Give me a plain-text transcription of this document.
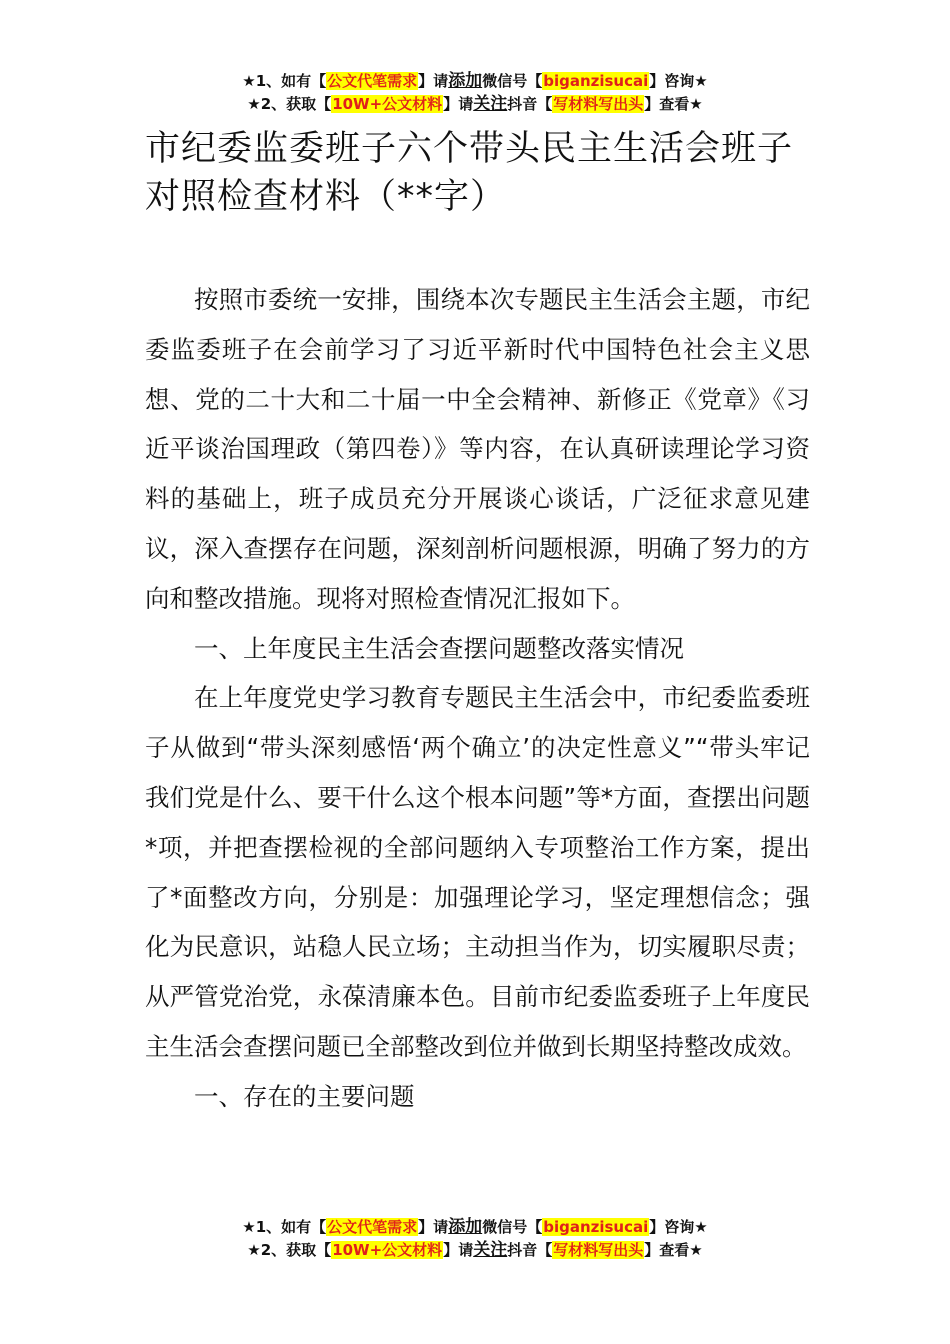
★1、如有【公文代笔需求】请添加微信号【biganzisucai】咨询★
★2、获取【10W+公文材料】请关注抖音【写材料写出头】查看★
市纪委监委班子六个带头民主生活会班子对照检查材料（**字）

按照市委统一安排，围绕本次专题民主生活会主题，市纪委监委班子在会前学习了习近平新时代中国特色社会主义思想、党的二十大和二十届一中全会精神、新修正《党章》《习近平谈治国理政（第四卷）》等内容，在认真研读理论学习资料的基础上，班子成员充分开展谈心谈话，广泛征求意见建议，深入查摆存在问题，深刻剖析问题根源，明确了努力的方向和整改措施。现将对照检查情况汇报如下。

一、上年度民主生活会查摆问题整改落实情况

在上年度党史学习教育专题民主生活会中，市纪委监委班子从做到“带头深刻感悟‘两个确立’的决定性意义”“带头牢记我们党是什么、要干什么这个根本问题”等*方面，查摆出问题*项，并把查摆检视的全部问题纳入专项整治工作方案，提出了*面整改方向，分别是：加强理论学习，坚定理想信念；强化为民意识，站稳人民立场；主动担当作为，切实履职尽责；从严管党治党，永葆清廉本色。目前市纪委监委班子上年度民主生活会查摆问题已全部整改到位并做到长期坚持整改成效。

一、存在的主要问题

★1、如有【公文代笔需求】请添加微信号【biganzisucai】咨询★
★2、获取【10W+公文材料】请关注抖音【写材料写出头】查看★
